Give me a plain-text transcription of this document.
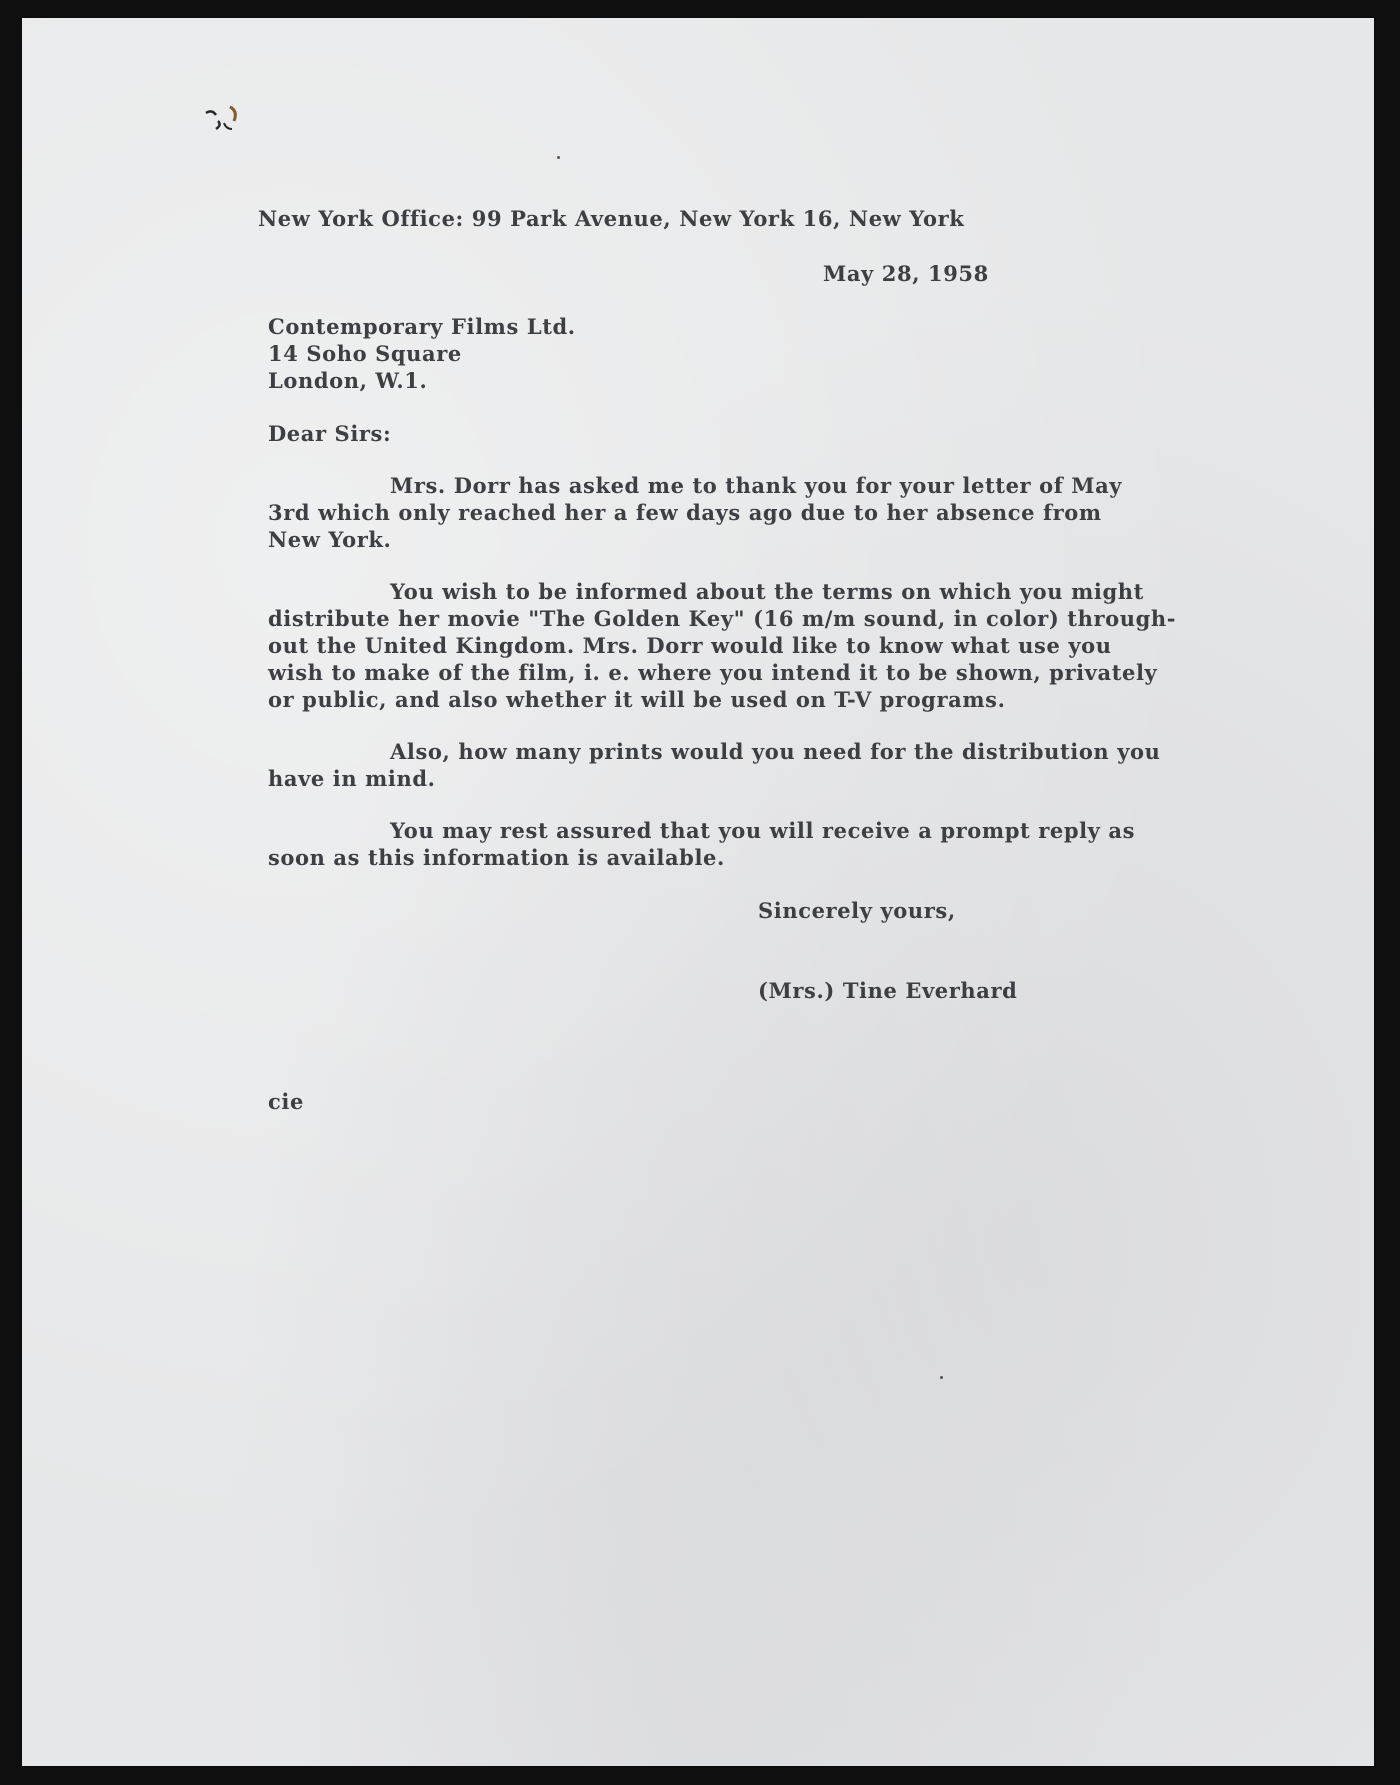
New York Office: 99 Park Avenue, New York 16, New York

May 28, 1958

Contemporary Films Ltd.

14 Soho Square

London, W.1.

Dear Sirs:

Mrs. Dorr has asked me to thank you for your letter of May

3rd which only reached her a few days ago due to her absence from

New York.

You wish to be informed about the terms on which you might

distribute her movie "The Golden Key" (16 m/m sound, in color) through-

out the United Kingdom. Mrs. Dorr would like to know what use you

wish to make of the film, i. e. where you intend it to be shown, privately

or public, and also whether it will be used on T-V programs.

Also, how many prints would you need for the distribution you

have in mind.

You may rest assured that you will receive a prompt reply as

soon as this information is available.

Sincerely yours,

(Mrs.) Tine Everhard

cie
